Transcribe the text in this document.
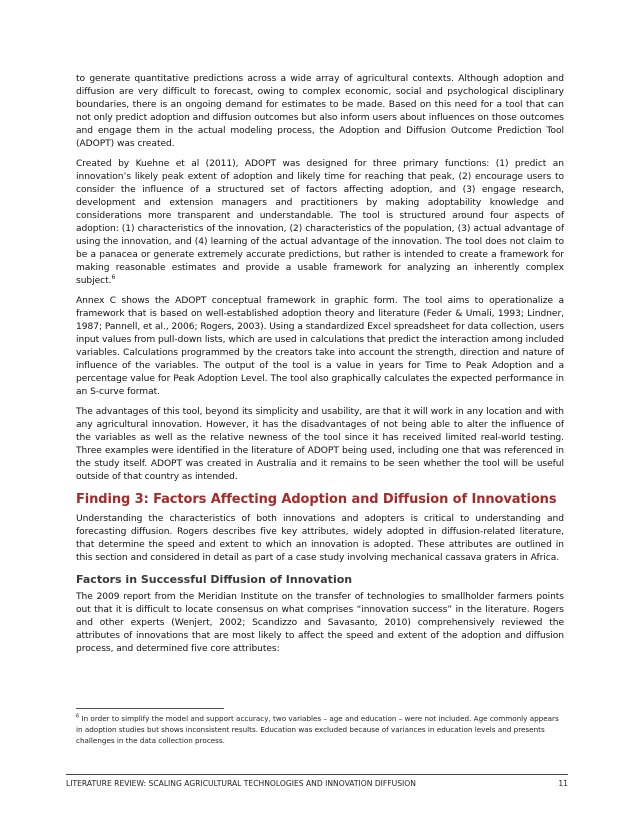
to generate quantitative predictions across a wide array of agricultural contexts. Although adoption and diffusion are very difficult to forecast, owing to complex economic, social and psychological disciplinary boundaries, there is an ongoing demand for estimates to be made. Based on this need for a tool that can not only predict adoption and diffusion outcomes but also inform users about influences on those outcomes and engage them in the actual modeling process, the Adoption and Diffusion Outcome Prediction Tool (ADOPT) was created.

Created by Kuehne et al (2011), ADOPT was designed for three primary functions: (1) predict an innovation’s likely peak extent of adoption and likely time for reaching that peak, (2) encourage users to consider the influence of a structured set of factors affecting adoption, and (3) engage research, development and extension managers and practitioners by making adoptability knowledge and considerations more transparent and understandable. The tool is structured around four aspects of adoption: (1) characteristics of the innovation, (2) characteristics of the population, (3) actual advantage of using the innovation, and (4) learning of the actual advantage of the innovation. The tool does not claim to be a panacea or generate extremely accurate predictions, but rather is intended to create a framework for making reasonable estimates and provide a usable framework for analyzing an inherently complex subject.$^6$

Annex C shows the ADOPT conceptual framework in graphic form. The tool aims to operationalize a framework that is based on well-established adoption theory and literature (Feder & Umali, 1993; Lindner, 1987; Pannell, et al., 2006; Rogers, 2003). Using a standardized Excel spreadsheet for data collection, users input values from pull-down lists, which are used in calculations that predict the interaction among included variables. Calculations programmed by the creators take into account the strength, direction and nature of influence of the variables. The output of the tool is a value in years for Time to Peak Adoption and a percentage value for Peak Adoption Level. The tool also graphically calculates the expected performance in an S-curve format.

The advantages of this tool, beyond its simplicity and usability, are that it will work in any location and with any agricultural innovation. However, it has the disadvantages of not being able to alter the influence of the variables as well as the relative newness of the tool since it has received limited real-world testing. Three examples were identified in the literature of ADOPT being used, including one that was referenced in the study itself. ADOPT was created in Australia and it remains to be seen whether the tool will be useful outside of that country as intended.

Finding 3: Factors Affecting Adoption and Diffusion of Innovations

Understanding the characteristics of both innovations and adopters is critical to understanding and forecasting diffusion. Rogers describes five key attributes, widely adopted in diffusion-related literature, that determine the speed and extent to which an innovation is adopted. These attributes are outlined in this section and considered in detail as part of a case study involving mechanical cassava graters in Africa.

Factors in Successful Diffusion of Innovation

The 2009 report from the Meridian Institute on the transfer of technologies to smallholder farmers points out that it is difficult to locate consensus on what comprises “innovation success” in the literature. Rogers and other experts (Wenjert, 2002; Scandizzo and Savasanto, 2010) comprehensively reviewed the attributes of innovations that are most likely to affect the speed and extent of the adoption and diffusion process, and determined five core attributes:

$^6$ In order to simplify the model and support accuracy, two variables – age and education – were not included. Age commonly appears in adoption studies but shows inconsistent results. Education was excluded because of variances in education levels and presents challenges in the data collection process.
LITERATURE REVIEW: SCALING AGRICULTURAL TECHNOLOGIES AND INNOVATION DIFFUSION	11
